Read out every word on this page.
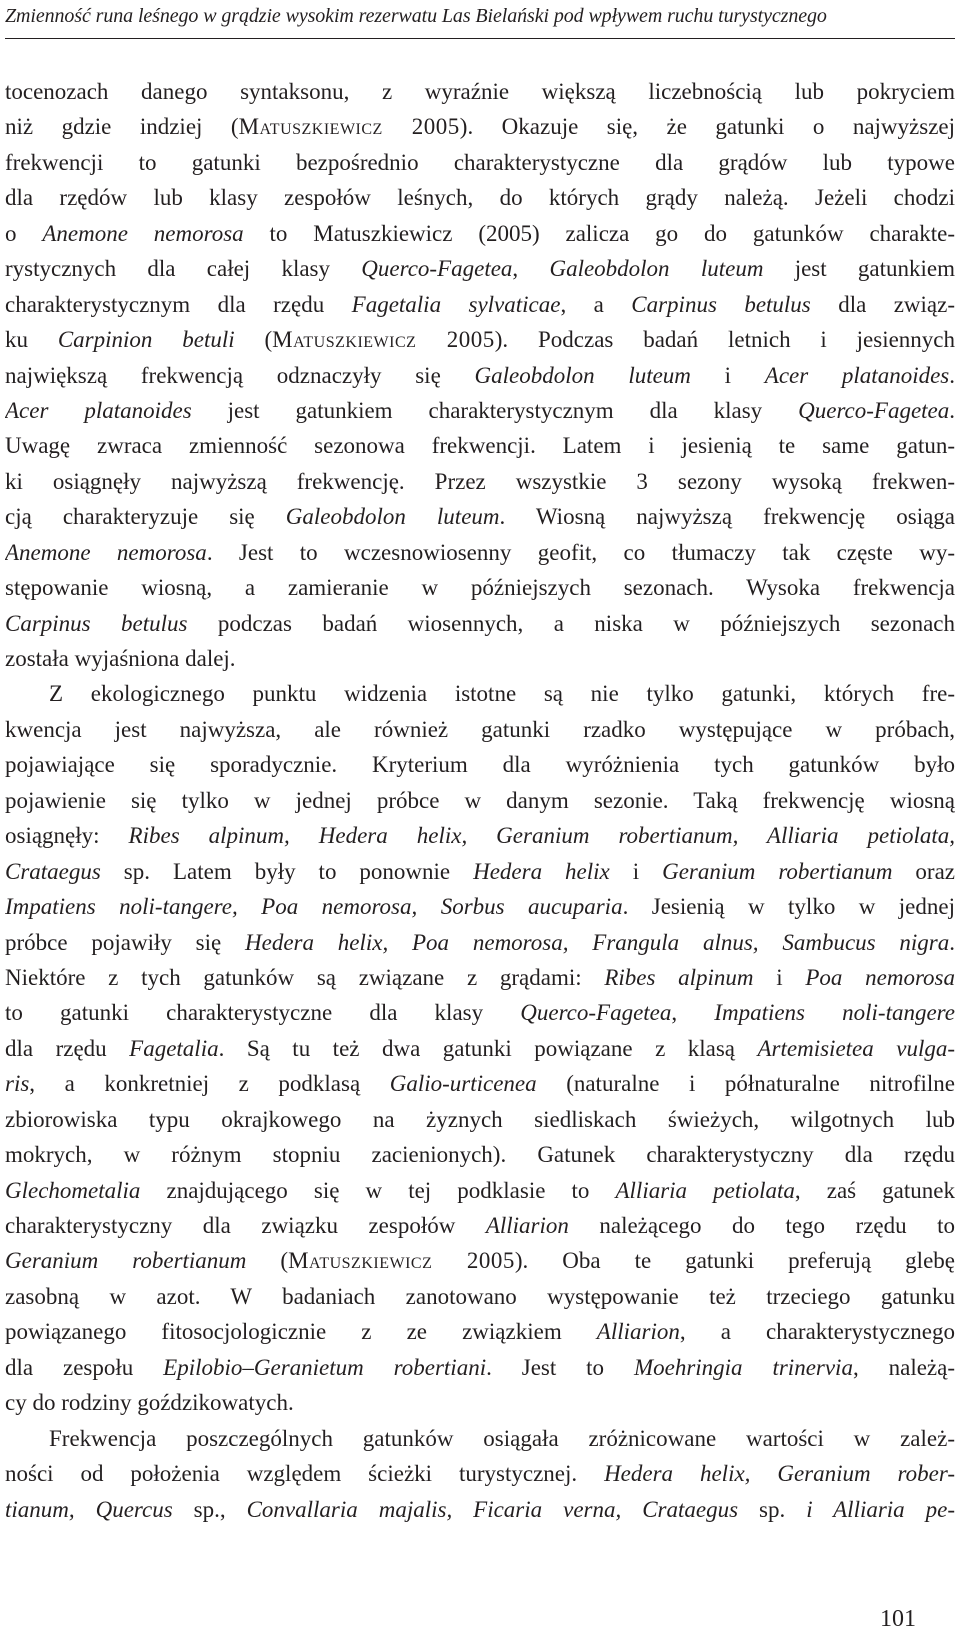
Zmienność runa leśnego w grądzie wysokim rezerwatu Las Bielański pod wpływem ruchu turystycznego
tocenozach danego syntaksonu, z wyraźnie większą liczebnością lub pokryciem
niż gdzie indziej (Matuszkiewicz 2005). Okazuje się, że gatunki o najwyższej
frekwencji to gatunki bezpośrednio charakterystyczne dla grądów lub typowe
dla rzędów lub klasy zespołów leśnych, do których grądy należą. Jeżeli chodzi
o Anemone nemorosa to Matuszkiewicz (2005) zalicza go do gatunków charakte-
rystycznych dla całej klasy Querco-Fagetea, Galeobdolon luteum jest gatunkiem
charakterystycznym dla rzędu Fagetalia sylvaticae, a Carpinus betulus dla związ-
ku Carpinion betuli (Matuszkiewicz 2005). Podczas badań letnich i jesiennych
największą frekwencją odznaczyły się Galeobdolon luteum i Acer platanoides.
Acer platanoides jest gatunkiem charakterystycznym dla klasy Querco-Fagetea.
Uwagę zwraca zmienność sezonowa frekwencji. Latem i jesienią te same gatun-
ki osiągnęły najwyższą frekwencję. Przez wszystkie 3 sezony wysoką frekwen-
cją charakteryzuje się Galeobdolon luteum. Wiosną najwyższą frekwencję osiąga
Anemone nemorosa. Jest to wczesnowiosenny geofit, co tłumaczy tak częste wy-
stępowanie wiosną, a zamieranie w późniejszych sezonach. Wysoka frekwencja
Carpinus betulus podczas badań wiosennych, a niska w późniejszych sezonach
została wyjaśniona dalej.
Z ekologicznego punktu widzenia istotne są nie tylko gatunki, których fre-
kwencja jest najwyższa, ale również gatunki rzadko występujące w próbach,
pojawiające się sporadycznie. Kryterium dla wyróżnienia tych gatunków było
pojawienie się tylko w jednej próbce w danym sezonie. Taką frekwencję wiosną
osiągnęły: Ribes alpinum, Hedera helix, Geranium robertianum, Alliaria petiolata,
Crataegus sp. Latem były to ponownie Hedera helix i Geranium robertianum oraz
Impatiens noli-tangere, Poa nemorosa, Sorbus aucuparia. Jesienią w tylko w jednej
próbce pojawiły się Hedera helix, Poa nemorosa, Frangula alnus, Sambucus nigra.
Niektóre z tych gatunków są związane z grądami: Ribes alpinum i Poa nemorosa
to gatunki charakterystyczne dla klasy Querco-Fagetea, Impatiens noli-tangere
dla rzędu Fagetalia. Są tu też dwa gatunki powiązane z klasą Artemisietea vulga-
ris, a konkretniej z podklasą Galio-urticenea (naturalne i półnaturalne nitrofilne
zbiorowiska typu okrajkowego na żyznych siedliskach świeżych, wilgotnych lub
mokrych, w różnym stopniu zacienionych). Gatunek charakterystyczny dla rzędu
Glechometalia znajdującego się w tej podklasie to Alliaria petiolata, zaś gatunek
charakterystyczny dla związku zespołów Alliarion należącego do tego rzędu to
Geranium robertianum (Matuszkiewicz 2005). Oba te gatunki preferują glebę
zasobną w azot. W badaniach zanotowano występowanie też trzeciego gatunku
powiązanego fitosocjologicznie z ze związkiem Alliarion, a charakterystycznego
dla zespołu Epilobio–Geranietum robertiani. Jest to Moehringia trinervia, należą-
cy do rodziny goździkowatych.
Frekwencja poszczególnych gatunków osiągała zróżnicowane wartości w zależ-
ności od położenia względem ścieżki turystycznej. Hedera helix, Geranium rober-
tianum, Quercus sp., Convallaria majalis, Ficaria verna, Crataegus sp. i Alliaria pe-
101
